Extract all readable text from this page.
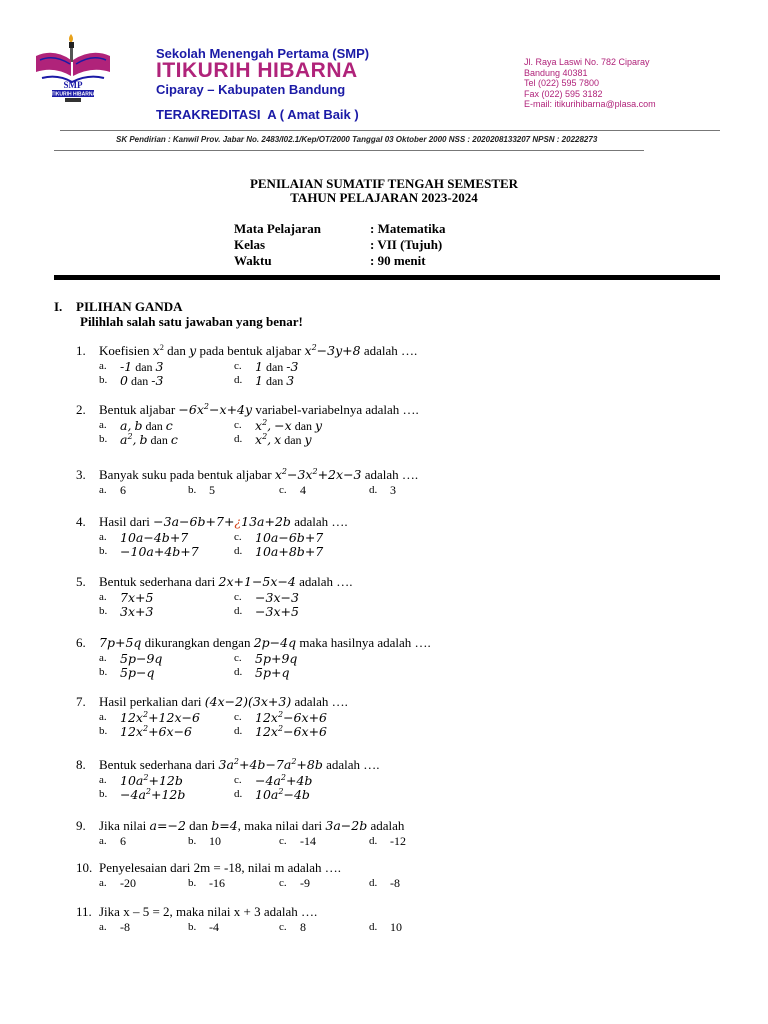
SMP
ITIKURIH HIBARNA
Sekolah Menengah Pertama (SMP)
ITIKURIH HIBARNA
Ciparay – Kabupaten Bandung
TERAKREDITASI  A ( Amat Baik )
Jl. Raya Laswi No. 782 Ciparay
Bandung 40381
Tel (022) 595 7800
Fax (022) 595 3182
E-mail: itikurihibarna@plasa.com
SK Pendirian : Kanwil Prov. Jabar No. 2483/I02.1/Kep/OT/2000 Tanggal 03 Oktober 2000 NSS : 2020208133207 NPSN : 20228273
PENILAIAN SUMATIF TENGAH SEMESTER
TAHUN PELAJARAN 2023-2024
Mata Pelajaran	: Matematika
Kelas	: VII (Tujuh)
Waktu	: 90 menit
I. PILIHAN GANDA
Pilihlah salah satu jawaban yang benar!
1. Koefisien $x^2$ dan y pada bentuk aljabar $x^2-3y+8$ adalah ….
a. -1 dan 3	c. 1 dan -3
b. 0 dan -3	d. 1 dan 3
2. Bentuk aljabar $-6x^2-x+4y$ variabel-variabelnya adalah ….
a. a, b dan c	c. $x^2$, −x dan y
b. $a^2$, b dan c	d. $x^2$, x dan y
3. Banyak suku pada bentuk aljabar $x^2-3x^2+2x-3$ adalah ….
a. 6	b. 5	c. 4	d. 3
4. Hasil dari −3a−6b+7+¿13a+2b adalah ….
a. 10a−4b+7	c. 10a−6b+7
b. −10a+4b+7	d. 10a+8b+7
5. Bentuk sederhana dari 2x+1−5x−4 adalah ….
a. 7x+5	c. −3x−3
b. 3x+3	d. −3x+5
6. 7p+5q dikurangkan dengan 2p−4q maka hasilnya adalah ….
a. 5p−9q	c. 5p+9q
b. 5p−q	d. 5p+q
7. Hasil perkalian dari (4x−2)(3x+3) adalah ….
a. $12x^2+12x-6$	c. $12x^2-6x+6$
b. $12x^2+6x-6$	d. $12x^2-6x+6$
8. Bentuk sederhana dari $3a^2+4b-7a^2+8b$ adalah ….
a. $10a^2+12b$	c. $-4a^2+4b$
b. $-4a^2+12b$	d. $10a^2-4b$
9. Jika nilai a=−2 dan b=4, maka nilai dari 3a−2b adalah
a. 6	b. 10	c. -14	d. -12
10. Penyelesaian dari 2m = -18, nilai m adalah ….
a. -20	b. -16	c. -9	d. -8
11. Jika x – 5 = 2, maka nilai x + 3 adalah ….
a. -8	b. -4	c. 8	d. 10
